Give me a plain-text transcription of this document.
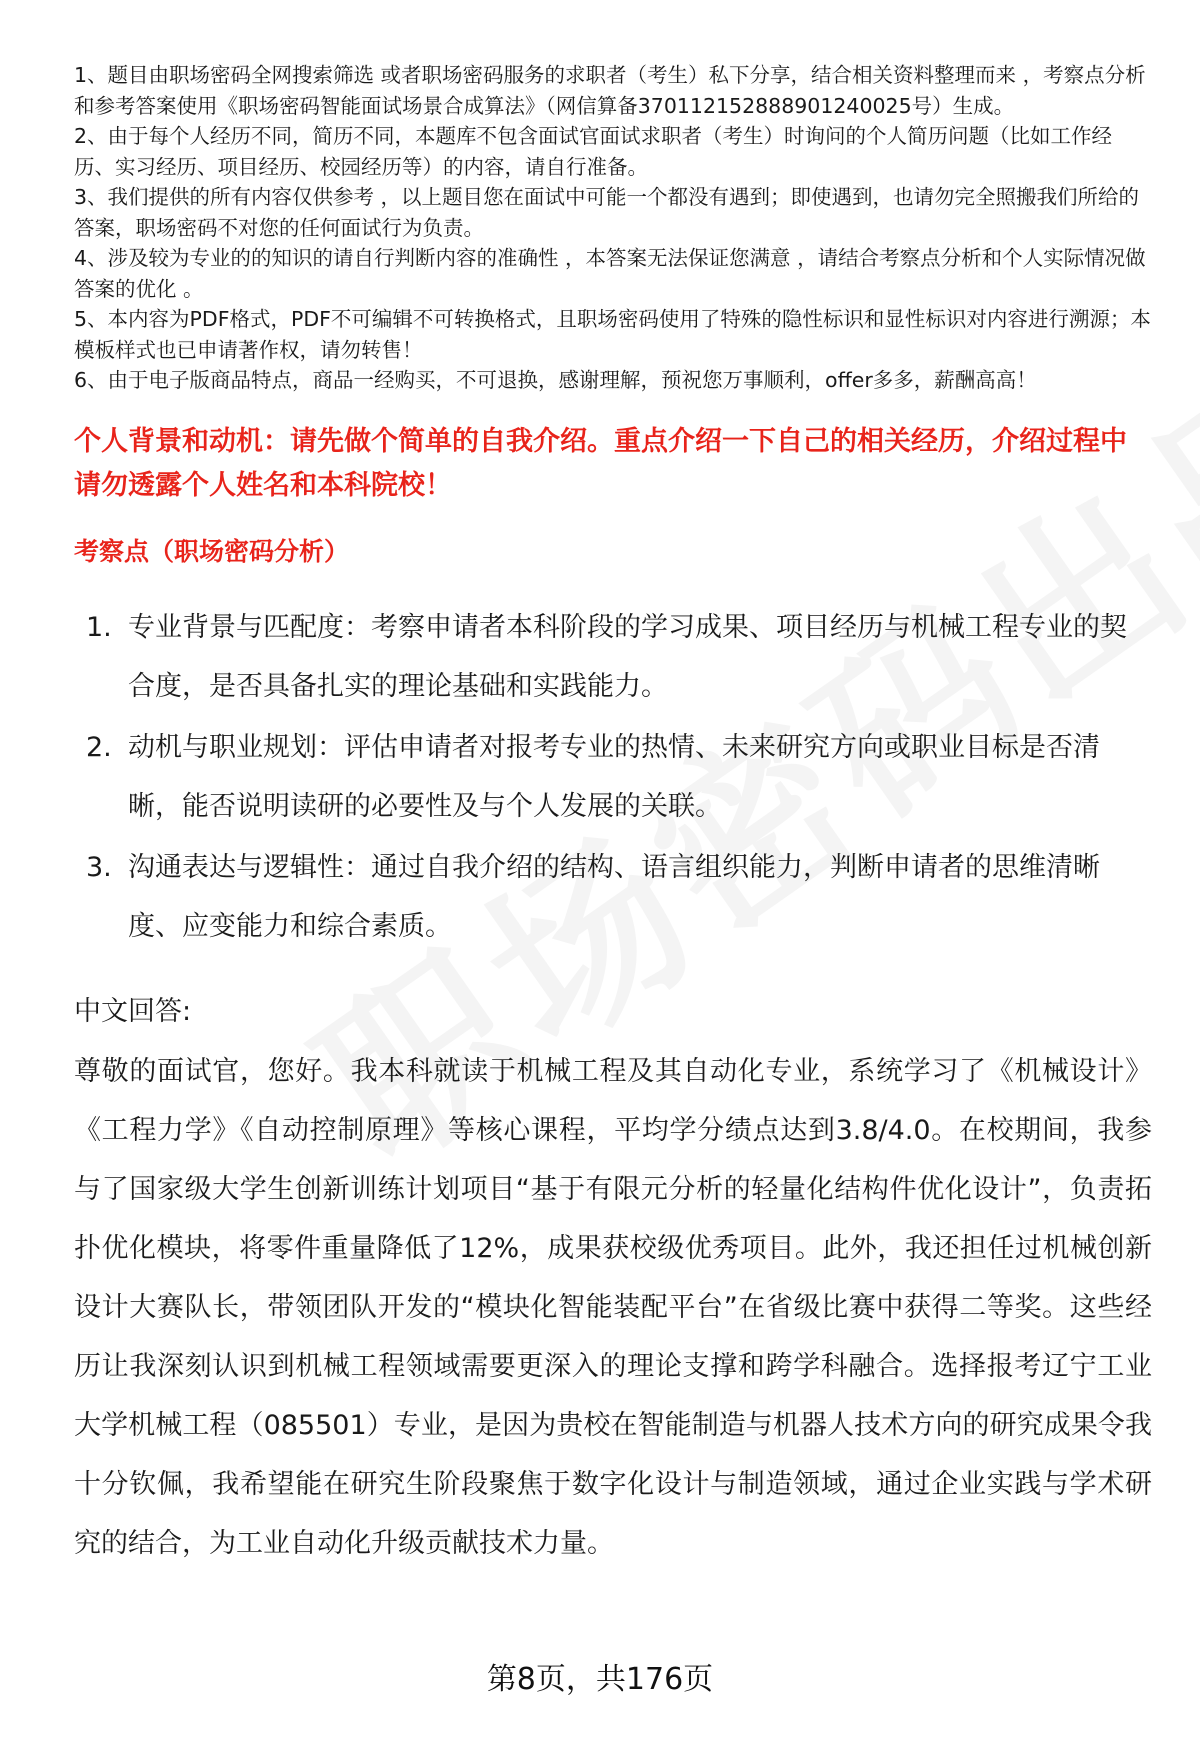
1、题目由职场密码全网搜索筛选 或者职场密码服务的求职者（考生）私下分享，结合相关资料整理而来 ，考察点分析和参考答案使用《职场密码智能面试场景合成算法》（网信算备370112152888901240025号）生成。

2、由于每个人经历不同，简历不同，本题库不包含面试官面试求职者（考生）时询问的个人简历问题（比如工作经历、实习经历、项目经历、校园经历等）的内容，请自行准备。

3、我们提供的所有内容仅供参考 ，以上题目您在面试中可能一个都没有遇到；即使遇到，也请勿完全照搬我们所给的答案，职场密码不对您的任何面试行为负责。

4、涉及较为专业的的知识的请自行判断内容的准确性 ，本答案无法保证您满意 ，请结合考察点分析和个人实际情况做答案的优化 。

5、本内容为PDF格式，PDF不可编辑不可转换格式，且职场密码使用了特殊的隐性标识和显性标识对内容进行溯源；本模板样式也已申请著作权，请勿转售！

6、由于电子版商品特点，商品一经购买，不可退换，感谢理解，预祝您万事顺利，offer多多，薪酬高高！

个人背景和动机：请先做个简单的自我介绍。重点介绍一下自己的相关经历，介绍过程中请勿透露个人姓名和本科院校！
考察点（职场密码分析）
1. 专业背景与匹配度：考察申请者本科阶段的学习成果、项目经历与机械工程专业的契合度，是否具备扎实的理论基础和实践能力。
2. 动机与职业规划：评估申请者对报考专业的热情、未来研究方向或职业目标是否清晰，能否说明读研的必要性及与个人发展的关联。
3. 沟通表达与逻辑性：通过自我介绍的结构、语言组织能力，判断申请者的思维清晰度、应变能力和综合素质。
中文回答:
尊敬的面试官，您好。我本科就读于机械工程及其自动化专业，系统学习了《机械设计》《工程力学》《自动控制原理》等核心课程，平均学分绩点达到3.8/4.0。在校期间，我参与了国家级大学生创新训练计划项目“基于有限元分析的轻量化结构件优化设计”，负责拓扑优化模块，将零件重量降低了12%，成果获校级优秀项目。此外，我还担任过机械创新设计大赛队长，带领团队开发的“模块化智能装配平台”在省级比赛中获得二等奖。这些经历让我深刻认识到机械工程领域需要更深入的理论支撑和跨学科融合。选择报考辽宁工业大学机械工程（085501）专业，是因为贵校在智能制造与机器人技术方向的研究成果令我十分钦佩，我希望能在研究生阶段聚焦于数字化设计与制造领域，通过企业实践与学术研究的结合，为工业自动化升级贡献技术力量。
第8页，共176页
